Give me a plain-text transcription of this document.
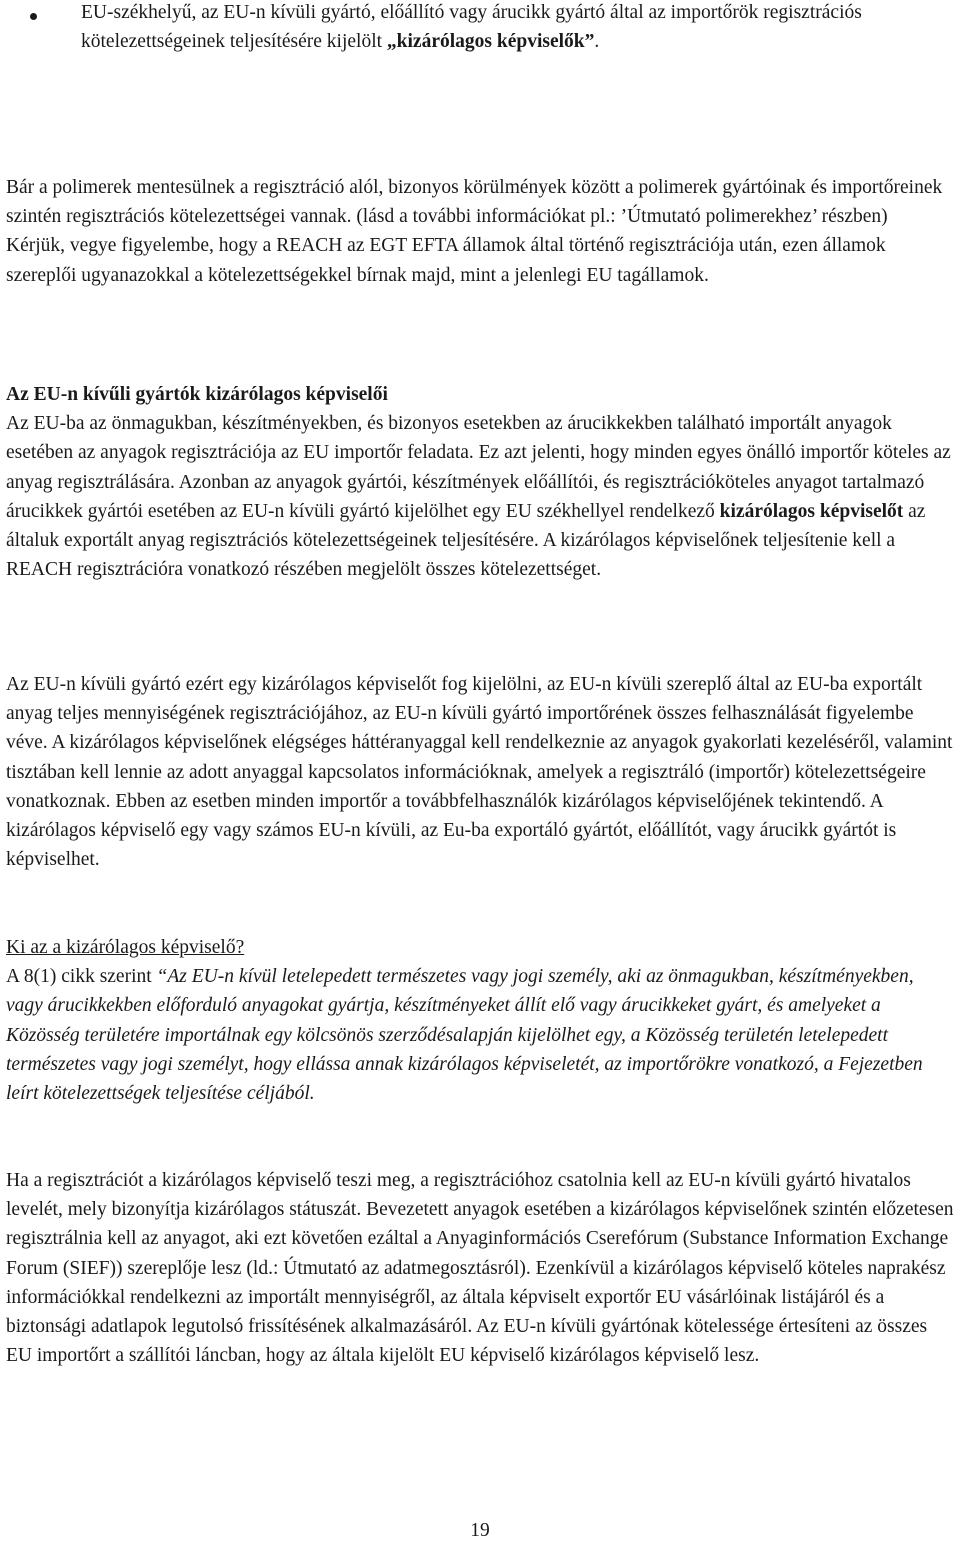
EU-székhelyű, az EU-n kívüli gyártó, előállító vagy árucikk gyártó által az importőrök regisztrációs kötelezettségeinek teljesítésére kijelölt „kizárólagos képviselők”.

Bár a polimerek mentesülnek a regisztráció alól, bizonyos körülmények között a polimerek gyártóinak és importőreinek szintén regisztrációs kötelezettségei vannak. (lásd a további információkat pl.: ’Útmutató polimerekhez’ részben)
Kérjük, vegye figyelembe, hogy a REACH az EGT EFTA államok által történő regisztrációja után, ezen államok szereplői ugyanazokkal a kötelezettségekkel bírnak majd, mint a jelenlegi EU tagállamok.

Az EU-n kívűli gyártók kizárólagos képviselői
Az EU-ba az önmagukban, készítményekben, és bizonyos esetekben az árucikkekben található importált anyagok esetében az anyagok regisztrációja az EU importőr feladata. Ez azt jelenti, hogy minden egyes önálló importőr köteles az anyag regisztrálására. Azonban az anyagok gyártói, készítmények előállítói, és regisztrációköteles anyagot tartalmazó árucikkek gyártói esetében az EU-n kívüli gyártó kijelölhet egy EU székhellyel rendelkező kizárólagos képviselőt az általuk exportált anyag regisztrációs kötelezettségeinek teljesítésére. A kizárólagos képviselőnek teljesítenie kell a REACH regisztrációra vonatkozó részében megjelölt összes kötelezettséget.

Az EU-n kívüli gyártó ezért egy kizárólagos képviselőt fog kijelölni, az EU-n kívüli szereplő által az EU-ba exportált anyag teljes mennyiségének regisztrációjához, az EU-n kívüli gyártó importőrének összes felhasználását figyelembe véve. A kizárólagos képviselőnek elégséges háttéranyaggal kell rendelkeznie az anyagok gyakorlati kezeléséről, valamint tisztában kell lennie az adott anyaggal kapcsolatos információknak, amelyek a regisztráló (importőr) kötelezettségeire vonatkoznak. Ebben az esetben minden importőr a továbbfelhasználók kizárólagos képviselőjének tekintendő. A kizárólagos képviselő egy vagy számos EU-n kívüli, az Eu-ba exportáló gyártót, előállítót, vagy árucikk gyártót is képviselhet.

Ki az a kizárólagos képviselő?
A 8(1) cikk szerint “Az EU-n kívül letelepedett természetes vagy jogi személy, aki az önmagukban, készítményekben, vagy árucikkekben előforduló anyagokat gyártja, készítményeket állít elő vagy árucikkeket gyárt, és amelyeket a Közösség területére importálnak egy kölcsönös szerződésalapján kijelölhet egy, a Közösség területén letelepedett természetes vagy jogi személyt, hogy ellássa annak kizárólagos képviseletét, az importőrökre vonatkozó, a Fejezetben leírt kötelezettségek teljesítése céljából.

Ha a regisztrációt a kizárólagos képviselő teszi meg, a regisztrációhoz csatolnia kell az EU-n kívüli gyártó hivatalos levelét, mely bizonyítja kizárólagos státuszát. Bevezetett anyagok esetében a kizárólagos képviselőnek szintén előzetesen regisztrálnia kell az anyagot, aki ezt követően ezáltal a Anyaginformációs Cserefórum (Substance Information Exchange Forum (SIEF)) szereplője lesz (ld.: Útmutató az adatmegosztásról). Ezenkívül a kizárólagos képviselő köteles naprakész információkkal rendelkezni az importált mennyiségről, az általa képviselt exportőr EU vásárlóinak listájáról és a biztonsági adatlapok legutolsó frissítésének alkalmazásáról. Az EU-n kívüli gyártónak kötelessége értesíteni az összes EU importőrt a szállítói láncban, hogy az általa kijelölt EU képviselő kizárólagos képviselő lesz.

19
